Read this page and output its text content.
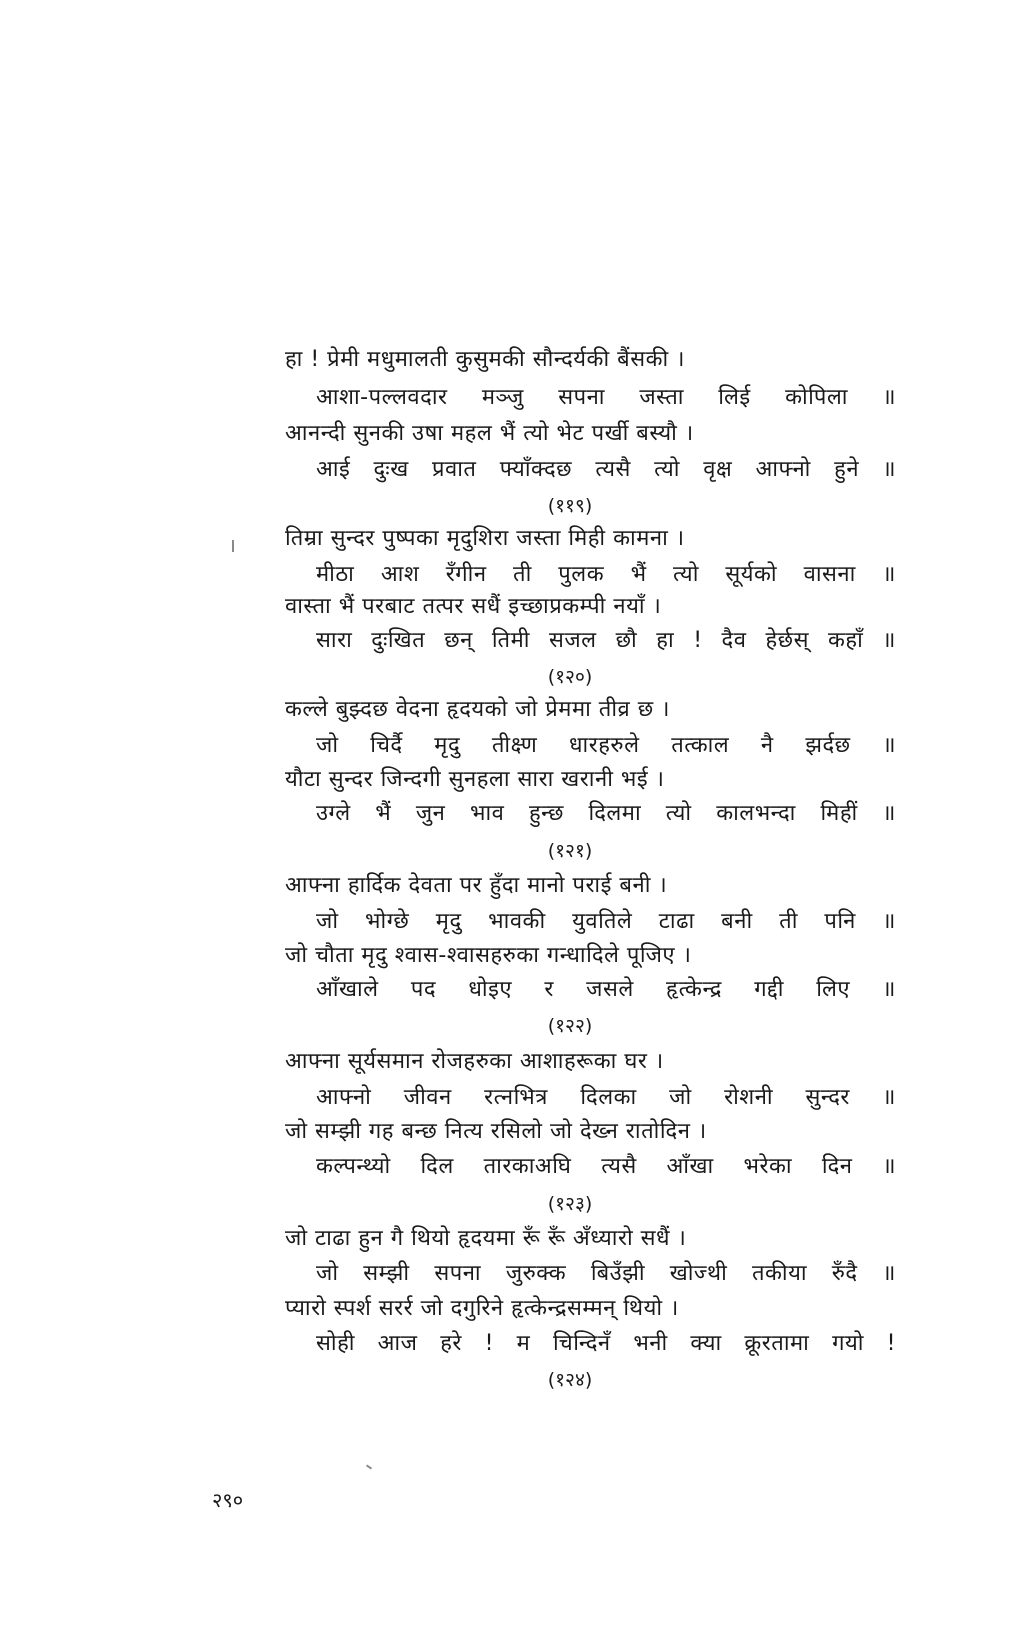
हा ! प्रेमी मधुमालती कुसुमकी सौन्दर्यकी बैंसकी ।
आशा-पल्लवदार मञ्जु सपना जस्ता लिई कोपिला ॥
आनन्दी सुनकी उषा महल भैं त्यो भेट पर्खी बस्यौ ।
आई दुःख प्रवात फ्याँक्दछ त्यसै त्यो वृक्ष आफ्नो हुने ॥
(११९)
तिम्रा सुन्दर पुष्पका मृदुशिरा जस्ता मिही कामना ।
मीठा आश रँगीन ती पुलक भैं त्यो सूर्यको वासना ॥
वास्ता भैं परबाट तत्पर सधैं इच्छाप्रकम्पी नयाँ ।
सारा दुःखित छन् तिमी सजल छौ हा ! दैव हेर्छस् कहाँ ॥
(१२०)
कल्ले बुझ्दछ वेदना हृदयको जो प्रेममा तीव्र छ ।
जो चिर्दै मृदु तीक्ष्ण धारहरुले तत्काल नै झर्दछ ॥
यौटा सुन्दर जिन्दगी सुनहला सारा खरानी भई ।
उग्ले भैं जुन भाव हुन्छ दिलमा त्यो कालभन्दा मिहीं ॥
(१२१)
आफ्ना हार्दिक देवता पर हुँदा मानो पराई बनी ।
जो भोग्छे मृदु भावकी युवतिले टाढा बनी ती पनि ॥
जो चौता मृदु श्वास-श्वासहरुका गन्धादिले पूजिए ।
आँखाले पद धोइए र जसले हृत्केन्द्र गद्दी लिए ॥
(१२२)
आफ्ना सूर्यसमान रोजहरुका आशाहरूका घर ।
आफ्नो जीवन रत्नभित्र दिलका जो रोशनी सुन्दर ॥
जो सम्झी गह बन्छ नित्य रसिलो जो देख्न रातोदिन ।
कल्पन्थ्यो दिल तारकाअघि त्यसै आँखा भरेका दिन ॥
(१२३)
जो टाढा हुन गै थियो हृदयमा रूँ रूँ अँध्यारो सधैं ।
जो सम्झी सपना जुरुक्क बिउँझी खोज्थी तकीया रुँदै ॥
प्यारो स्पर्श सरर्र जो दगुरिने हृत्केन्द्रसम्मन् थियो ।
सोही आज हरे ! म चिन्दिनँ भनी क्या क्रूरतामा गयो !
(१२४)
२९०
